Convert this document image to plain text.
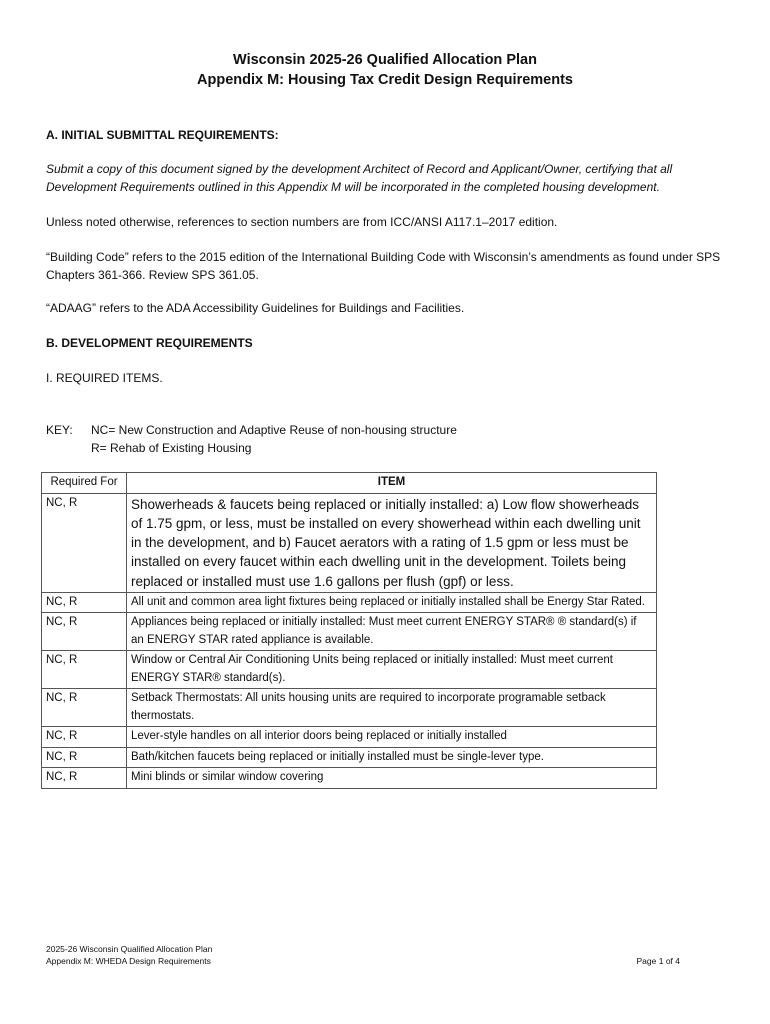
Wisconsin 2025-26 Qualified Allocation Plan
Appendix M: Housing Tax Credit Design Requirements
A. INITIAL SUBMITTAL REQUIREMENTS:
Submit a copy of this document signed by the development Architect of Record and Applicant/Owner, certifying that all Development Requirements outlined in this Appendix M will be incorporated in the completed housing development.
Unless noted otherwise, references to section numbers are from ICC/ANSI A117.1–2017 edition.
“Building Code” refers to the 2015 edition of the International Building Code with Wisconsin’s amendments as found under SPS Chapters 361-366. Review SPS 361.05.
“ADAAG” refers to the ADA Accessibility Guidelines for Buildings and Facilities.
B. DEVELOPMENT REQUIREMENTS
I. REQUIRED ITEMS.
KEY: NC= New Construction and Adaptive Reuse of non-housing structure
R= Rehab of Existing Housing
Required For	ITEM
NC, R	Showerheads & faucets being replaced or initially installed: a) Low flow showerheads of 1.75 gpm, or less, must be installed on every showerhead within each dwelling unit in the development, and b) Faucet aerators with a rating of 1.5 gpm or less must be installed on every faucet within each dwelling unit in the development. Toilets being replaced or installed must use 1.6 gallons per flush (gpf) or less.
NC, R	All unit and common area light fixtures being replaced or initially installed shall be Energy Star Rated.
NC, R	Appliances being replaced or initially installed: Must meet current ENERGY STAR® ® standard(s) if an ENERGY STAR rated appliance is available.
NC, R	Window or Central Air Conditioning Units being replaced or initially installed: Must meet current ENERGY STAR® standard(s).
NC, R	Setback Thermostats: All units housing units are required to incorporate programable setback thermostats.
NC, R	Lever-style handles on all interior doors being replaced or initially installed
NC, R	Bath/kitchen faucets being replaced or initially installed must be single-lever type.
NC, R	Mini blinds or similar window covering
2025-26 Wisconsin Qualified Allocation Plan
Appendix M: WHEDA Design Requirements	Page 1 of 4
